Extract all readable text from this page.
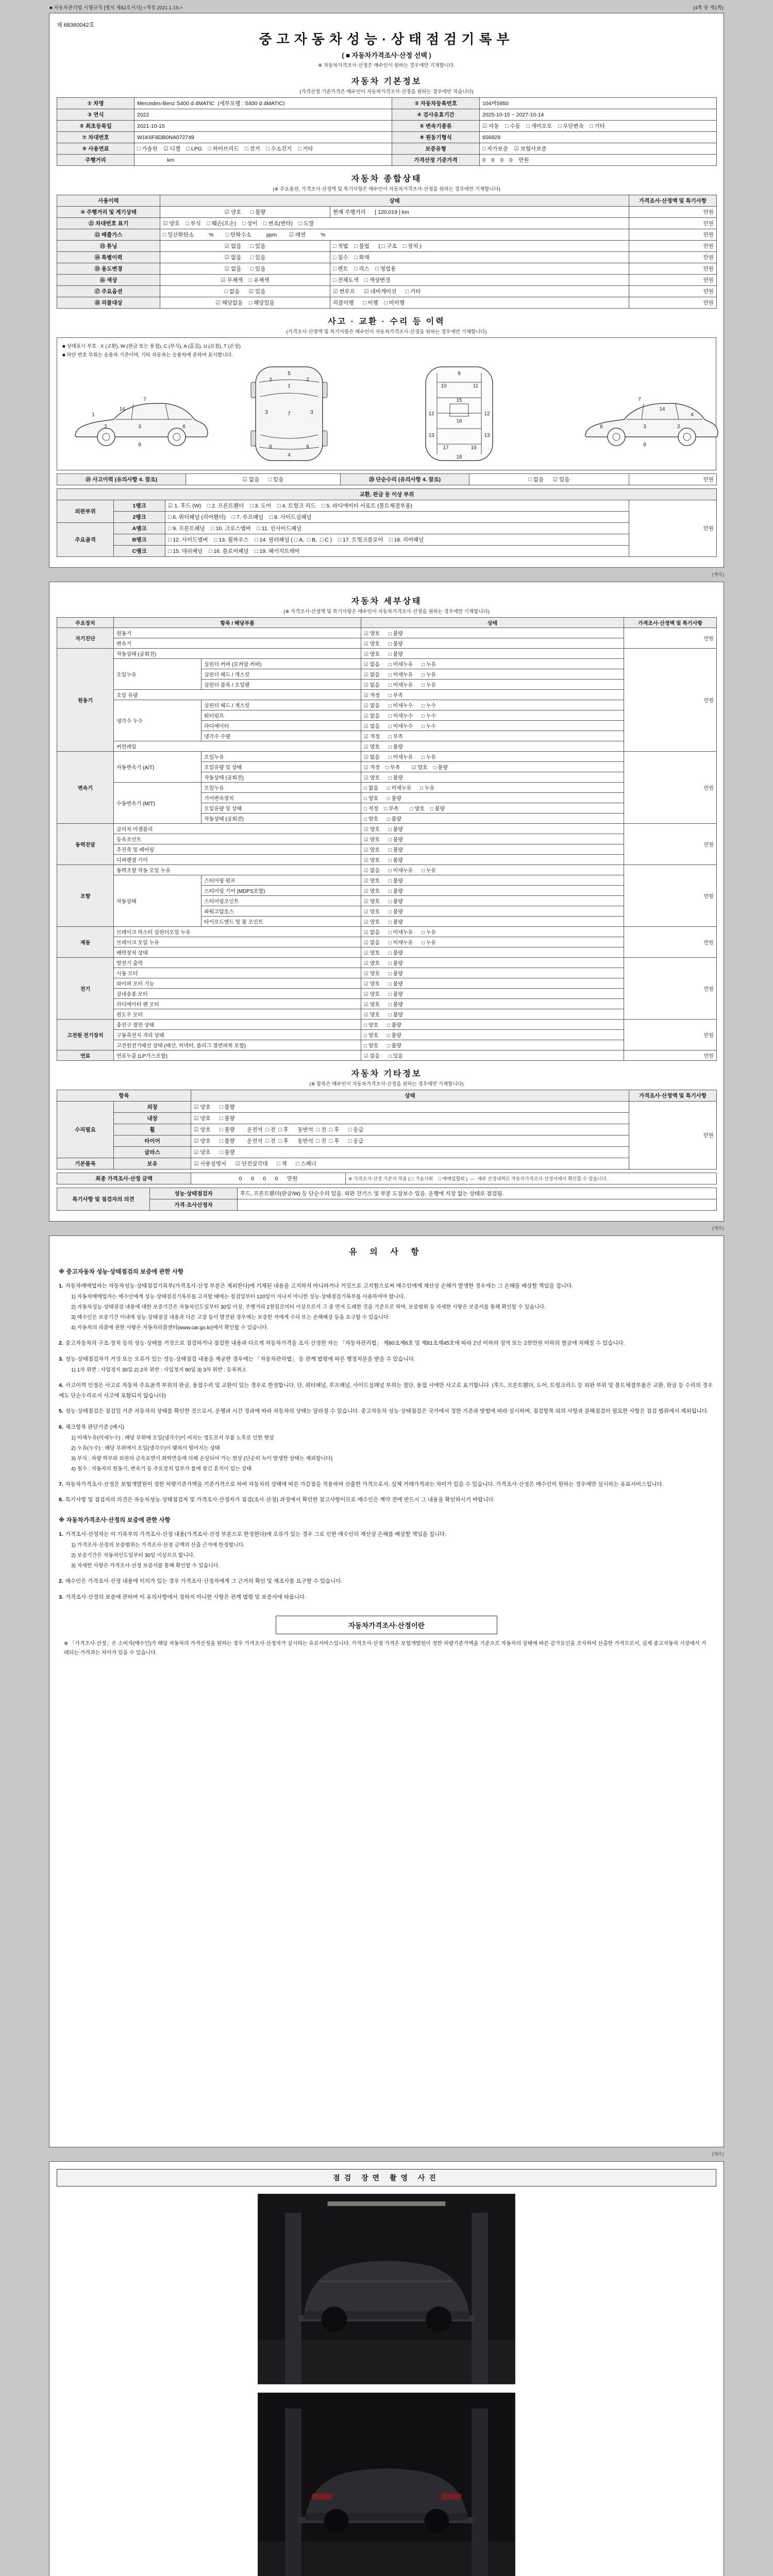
■ 자동차관리법 시행규칙 [별지 제82호서식] <개정 2021.1.19.>	(4쪽 중 제1쪽)
제 68360042호
중고자동차성능·상태점검기록부
( ■ 자동차가격조사·산정 선택 )
※ 자동차가격조사·산정은 매수인이 원하는 경우에만 기재합니다.
자동차 기본정보
(가격산정 기준가격은 매수인이 자동차가격조사·산정을 원하는 경우에만 적습니다)
① 차명	Mercedes-Benz S400 d 4MATIC  (세부모델 : S400 d 4MATIC)	② 자동차등록번호	104머5950
③ 연식	2022	④ 검사유효기간	2025-10-15 ~ 2027-10-14
⑤ 최초등록일	2021-10-15	⑥ 변속기종류	☑ 자동    □ 수동    □ 세미오토    □ 무단변속    □ 기타
⑦ 차대번호	W1K6F8DB0NA072749	⑧ 원동기형식	656929
⑨ 사용연료	□ 가솔린    ☑ 디젤    □ LPG    □ 하이브리드    □ 전기    □ 수소전기    □ 기타	보증유형	□ 자가보증    ☑ 보험사보증
주행거리	km	가격산정 기준가격	0    0    0    0    만원
자동차 종합상태
(※ 주요옵션, 가격조사·산정액 및 특기사항은 매수인이 자동차가격조사·산정을 원하는 경우에만 기재합니다)
사용이력	상태		가격조사·산정액 및 특기사항
⑩ 주행거리 및 계기상태	☑ 양호      □ 불량	현재 주행거리      [ 120,019 ] km	만원
⑪ 차대번호 표기	☑ 양호    □ 부식    □ 훼손(오손)    □ 상이    □ 변조(변타)    □ 도말		만원
⑫ 배출가스	□ 일산화탄소          %        □ 탄화수소          ppm        ☑ 매연          %		만원
⑬ 튜닝	☑ 없음      □ 있음	□ 적법    □ 불법      ( □ 구조    □ 장치 )	만원
⑭ 특별이력	☑ 없음      □ 있음	□ 침수    □ 화재	만원
⑮ 용도변경	☑ 없음      □ 있음	□ 렌트    □ 리스    □ 영업용	만원
⑯ 색상	☑ 무채색    □ 유채색	□ 전체도색    □ 색상변경	만원
⑰ 주요옵션	□ 없음      ☑ 있음	☑ 썬루프      ☑ 네비게이션      □ 기타	만원
⑱ 리콜대상	☑ 해당없음    □ 해당있음	리콜이행      □ 이행    □ 미이행	만원
사고 · 교환 · 수리 등 이력
(가격조사·산정액 및 특기사항은 매수인이 자동차가격조사·산정을 원하는 경우에만 기재합니다)
■ 상태표시 부호 : X (교환), W (판금 또는 용접), C (부식), A (흠집), U (요철), T (손상)
■ 하단 번호 부위는 승용차 기준이며, 기타 자동차는 승용차에 준하여 표시합니다.
1
2	3	6
8
7
14
5
1
2	2
7
3	3
6	6
4
9
10	11
15
12	12
13	13
16
17	19
18
6	3	2
8
7
14
4
⑲ 사고이력 (유의사항 4. 참조)	☑ 없음      □ 있음	⑳ 단순수리 (유의사항 4. 참조)	□ 없음      ☑ 있음	만원
교환, 판금 등 이상 부위			
외판부위	1랭크	☑ 1. 후드 (W)    □ 2. 프론트휀더    □ 3. 도어    □ 4. 트렁크 리드    □ 5. 라디에이터 서포트 (볼트체결부품)	만원
	2랭크	□ 6. 쿼터패널 (리어휀더)    □ 7. 루프패널    □ 8. 사이드실패널	
주요골격	A랭크	□ 9. 프론트패널    □ 10. 크로스멤버    □ 11. 인사이드패널	
	B랭크	□ 12. 사이드멤버    □ 13. 휠하우스    □ 14. 필러패널 ( □ A,  □ B,  □ C )    □ 17. 트렁크플로어    □ 18. 리어패널	
	C랭크	□ 15. 대쉬패널    □ 16. 플로어패널    □ 19. 패키지트레이	
(계속)
자동차 세부상태
(※ 가격조사·산정액 및 특기사항은 매수인이 자동차가격조사·산정을 원하는 경우에만 기재합니다)
주요장치	항목 / 해당부품		상태	가격조사·산정액 및 특기사항
자기진단	원동기		☑ 양호      □ 불량	만원
	변속기		☑ 양호      □ 불량	
원동기	작동상태 (공회전)		☑ 양호      □ 불량	만원
	오일누유	실린더 커버 (로커암 커버)	☑ 없음      □ 미세누유      □ 누유	
		실린더 헤드 / 개스킷	☑ 없음      □ 미세누유      □ 누유	
		실린더 블록 / 오일팬	☑ 없음      □ 미세누유      □ 누유	
	오일 유량		☑ 적정      □ 부족	
	냉각수 누수	실린더 헤드 / 개스킷	☑ 없음      □ 미세누수      □ 누수	
		워터펌프	☑ 없음      □ 미세누수      □ 누수	
		라디에이터	☑ 없음      □ 미세누수      □ 누수	
		냉각수 수량	☑ 적정      □ 부족	
	커먼레일		☑ 양호      □ 불량	
변속기	자동변속기 (A/T)	오일누유	☑ 없음      □ 미세누유      □ 누유	만원
		오일유량 및 상태	☑ 적정    □ 부족        ☑ 양호    □ 불량	
		작동상태 (공회전)	☑ 양호      □ 불량	
	수동변속기 (M/T)	오일누유	□ 없음      □ 미세누유      □ 누유	
		기어변속장치	□ 양호      □ 불량	
		오일유량 및 상태	□ 적정    □ 부족        □ 양호    □ 불량	
		작동상태 (공회전)	□ 양호      □ 불량	
동력전달	클러치 어셈블리		☑ 양호      □ 불량	만원
	등속조인트		☑ 양호      □ 불량	
	추진축 및 베어링		☑ 양호      □ 불량	
	디퍼렌셜 기어		☑ 양호      □ 불량	
조향	동력조향 작동 오일 누유		☑ 없음      □ 미세누유      □ 누유	만원
	작동상태	스티어링 펌프	☑ 양호      □ 불량	
		스티어링 기어 (MDPS포함)	☑ 양호      □ 불량	
		스티어링조인트	☑ 양호      □ 불량	
		파워고압호스	☑ 양호      □ 불량	
		타이로드엔드 및 볼 조인트	☑ 양호      □ 불량	
제동	브레이크 마스터 실린더오일 누유		☑ 없음      □ 미세누유      □ 누유	만원
	브레이크 오일 누유		☑ 없음      □ 미세누유      □ 누유	
	배력장치 상태		☑ 양호      □ 불량	
전기	발전기 출력		☑ 양호      □ 불량	만원
	시동 모터		☑ 양호      □ 불량	
	와이퍼 모터 기능		☑ 양호      □ 불량	
	실내송풍 모터		☑ 양호      □ 불량	
	라디에이터 팬 모터		☑ 양호      □ 불량	
	윈도우 모터		☑ 양호      □ 불량	
고전원 전기장치	충전구 절연 상태		□ 양호      □ 불량	만원
	구동축전지 격리 상태		□ 양호      □ 불량	
	고전원전기배선 상태 (배선, 커넥터, 플러그 절연피복 포함)		□ 양호      □ 불량	
연료	연료누출 (LP가스포함)		☑ 없음      □ 있음	만원
자동차 기타정보
(※ 항목은 매수인이 자동차가격조사·산정을 원하는 경우에만 기재합니다)
항목		상태	가격조사·산정액 및 특기사항
수리필요	외장	☑ 양호      □ 불량	만원
	내장	☑ 양호      □ 불량	
	휠	☑ 양호      □ 불량        운전석  □ 전  □ 후      동반석  □ 전  □ 후      □ 응급	
	타이어	☑ 양호      □ 불량        운전석  □ 전  □ 후      동반석  □ 전  □ 후      □ 응급	
	글라스	☑ 양호      □ 불량	
기본품목	보유	☑ 사용설명서      ☑ 안전삼각대      □ 잭      □ 스패너	
최종 가격조사·산정 금액	0      0      0      0      만원	※ 가격조사·산정 기준서 적용 ( □ 기술사회    □ 매매업협회 )  —  세부 산정내역은 자동차가격조사·산정서에서 확인할 수 있습니다.
특기사항 및 점검자의 의견	성능·상태점검자	후드, 프론트휀더(판금/W) 등 단순수리 있음. 외판 잔기스 및 부분 도장보수 있음. 운행에 지장 없는 상태로 점검됨.
	가격·조사산정자	
(계속)
유 의 사 항
※ 중고자동차 성능·상태점검의 보증에 관한 사항
1. 자동차매매업자는 자동차성능·상태점검기록부(가격조사·산정 부분은 제외한다)에 기재된 내용을 고지하지 아니하거나 거짓으로 고지함으로써 매수인에게 재산상 손해가 발생한 경우에는 그 손해를 배상할 책임을 집니다.
1) 자동차매매업자는 매수인에게 성능·상태점검기록부를 고지할 때에는 점검일부터 120일이 지나지 아니한 성능·상태점검기록부를 사용하여야 합니다.
2) 자동차성능·상태점검 내용에 대한 보증기간은 자동차인도일부터 30일 이상, 주행거리 2천킬로미터 이상으로서 그 중 먼저 도래한 것을 기준으로 하며, 보증범위 등 자세한 사항은 보증서를 통해 확인할 수 있습니다.
3) 매수인은 보증기간 이내에 성능·상태점검 내용과 다른 고장 등이 발견된 경우에는 보증한 자에게 수리 또는 손해배상 등을 요구할 수 있습니다.
4) 자동차의 리콜에 관한 사항은 자동차리콜센터(www.car.go.kr)에서 확인할 수 있습니다.
2. 중고자동차의 구조·장치 등의 성능·상태를 거짓으로 점검하거나 점검한 내용과 다르게 자동차가격을 조사·산정한 자는 「자동차관리법」 제80조제6호 및 제81조제45호에 따라 2년 이하의 징역 또는 2천만원 이하의 벌금에 처해질 수 있습니다.
3. 성능·상태점검자가 거짓 또는 오류가 있는 성능·상태점검 내용을 제공한 경우에는 「자동차관리법」 등 관계 법령에 따른 행정처분을 받을 수 있습니다.
1) 1차 위반 : 사업정지 30일 2) 2차 위반 : 사업정지 90일 3) 3차 위반 : 등록취소
4. 사고이력 인정은 사고로 자동차 주요골격 부위의 판금, 용접수리 및 교환이 있는 경우로 한정합니다. 단, 쿼터패널, 루프패널, 사이드실패널 부위는 절단, 용접 시에만 사고로 표기합니다. (후드, 프론트휀더, 도어, 트렁크리드 등 외판 부위 및 볼트체결부품은 교환, 판금 등 수리의 경우에도 단순수리로서 사고에 포함되지 않습니다)
5. 성능·상태점검은 점검일 기준 자동차의 상태를 확인한 것으로서, 운행과 시간 경과에 따라 자동차의 상태는 달라질 수 있습니다. 중고자동차 성능·상태점검은 국가에서 정한 기준과 방법에 따라 실시하며, 점검항목 외의 사항과 분해점검이 필요한 사항은 점검 범위에서 제외됩니다.
6. 체크항목 판단기준 (예시)
1) 미세누유(미세누수) : 해당 부위에 오일(냉각수)이 비치는 정도로서 부품 노후로 인한 현상
2) 누유(누수) : 해당 부위에서 오일(냉각수)이 맺혀서 떨어지는 상태
3) 부식 : 차량 하부와 외판의 금속표면이 화학반응에 의해 손상되어 가는 현상 (단순히 녹이 발생한 상태는 제외합니다)
4) 침수 : 자동차의 원동기, 변속기 등 주요장치 일부가 물에 잠긴 흔적이 있는 상태
7. 자동차가격조사·산정은 보험개발원이 정한 차량기준가액을 기준가격으로 하여 자동차의 상태에 따른 가감점을 적용하여 산출한 가격으로서, 실제 거래가격과는 차이가 있을 수 있습니다. 가격조사·산정은 매수인이 원하는 경우에만 실시하는 유료서비스입니다.
8. 특기사항 및 점검자의 의견은 자동차성능·상태점검자 및 가격조사·산정자가 점검(조사·산정) 과정에서 확인한 참고사항이므로 매수인은 계약 전에 반드시 그 내용을 확인하시기 바랍니다.
※ 자동차가격조사·산정의 보증에 관한 사항
1. 가격조사·산정자는 이 기록부의 가격조사·산정 내용(가격조사·산정 부분으로 한정한다)에 오류가 있는 경우 그로 인한 매수인의 재산상 손해를 배상할 책임을 집니다.
1) 가격조사·산정의 보증범위는 가격조사·산정 금액의 산출 근거에 한정합니다.
2) 보증기간은 자동차인도일부터 30일 이상으로 합니다.
3) 자세한 사항은 가격조사·산정 보증서를 통해 확인할 수 있습니다.
2. 매수인은 가격조사·산정 내용에 이의가 있는 경우 가격조사·산정자에게 그 근거의 확인 및 재조사를 요구할 수 있습니다.
3. 가격조사·산정의 보증에 관하여 이 유의사항에서 정하지 아니한 사항은 관계 법령 및 보증서에 따릅니다.
자동차가격조사·산정이란
※ 「가격조사·산정」은 소비자(매수인)가 해당 자동차의 가격산정을 원하는 경우 가격조사·산정자가 실시하는 유료서비스입니다. 가격조사·산정 가격은 보험개발원이 정한 차량기준가액을 기준으로 자동차의 상태에 따른 감가요인을 조사하여 산출한 가격으로서, 실제 중고자동차 시장에서 거래되는 가격과는 차이가 있을 수 있습니다.
(계속)
점검 장면 촬영 사진
